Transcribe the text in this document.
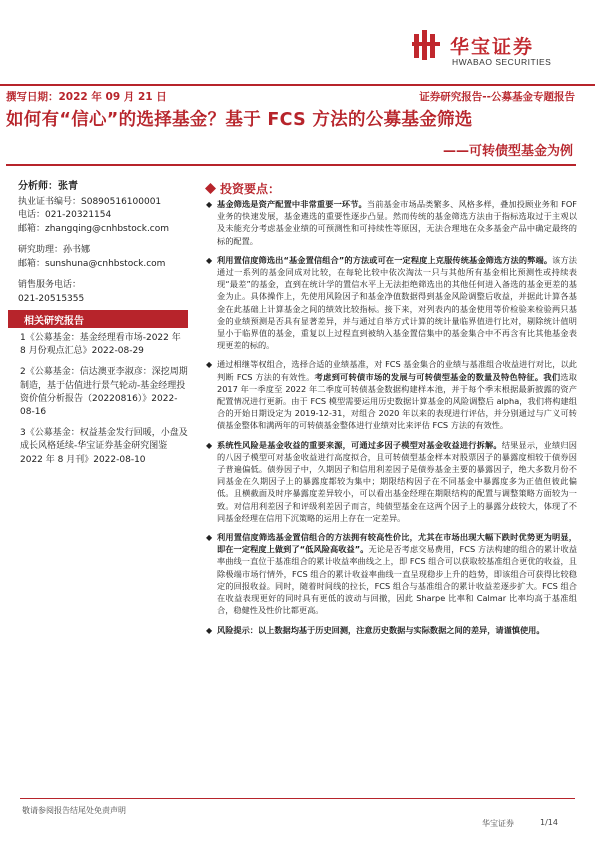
华宝证券
HWABAO SECURITIES
撰写日期：2022 年 09 月 21 日	证券研究报告--公募基金专题报告
如何有“信心”的选择基金？基于 FCS 方法的公募基金筛选
——可转债型基金为例
分析师：张青
执业证书编号：S0890516100001
电话：021-20321154
邮箱：zhangqing@cnhbstock.com
研究助理：孙书娜
邮箱：sunshuna@cnhbstock.com
销售服务电话：
021-20515355
相关研究报告

1《公募基金：基金经理看市场-2022 年 8 月份观点汇总》2022-08-29

2《公募基金：信达澳亚李淑彦：深挖周期制造，基于估值进行景气轮动-基金经理投资价值分析报告（20220816）》2022-08-16

3《公募基金：权益基金发行回暖，小盘及成长风格延续-华宝证券基金研究图鉴 2022 年 8 月刊》2022-08-10

投资要点：
◆ 基金筛选是资产配置中非常重要一环节。当前基金市场品类繁多、风格多样，叠加投顾业务和 FOF 业务的快速发展，基金遴选的重要性逐步凸显。然而传统的基金筛选方法由于指标选取过于主观以及未能充分考虑基金业绩的可预测性和可持续性等原因，无法合理地在众多基金产品中确定最终的标的配置。
◆ 利用置信度筛选出“基金置信组合”的方法或可在一定程度上克服传统基金筛选方法的弊端。该方法通过一系列的基金同成对比较，在每轮比较中依次淘汰一只与其他所有基金相比预测性或持续表现“最差”的基金，直到在统计学的置信水平上无法拒绝筛选出的其他任何进入备选的基金更差的基金为止。具体操作上，先使用风险因子和基金净值数据得到基金风险调整后收益，并据此计算各基金在此基础上计算基金之间的绩效比较指标。接下来，对列表内的基金使用等价检验来检验两只基金的业绩预测是否具有显著差异，并与通过自举方式计算的统计量临界值进行比对，剔除统计值明显小于临界值的基金，重复以上过程直到被纳入基金置信集中的基金集合中不再含有比其他基金表现更差的标的。
◆ 通过相继等权组合，选择合适的业绩基准，对 FCS 基金集合的业绩与基准组合收益进行对比，以此判断 FCS 方法的有效性。考虑到可转债市场的发展与可转债型基金的数量及特色特征。我们选取 2017 年一季度至 2022 年二季度可转债基金数据构建样本池，并于每个季末根据最新披露的资产配置情况进行更新。由于 FCS 模型需要运用历史数据计算基金的风险调整后 alpha，我们将构建组合的开始日期设定为 2019-12-31，对组合 2020 年以来的表现进行评估，并分别通过与广义可转债基金整体和满两年的可转债基金整体进行业绩对比来评估 FCS 方法的有效性。
◆ 系统性风险是基金收益的重要来源，可通过多因子模型对基金收益进行拆解。结果显示，业绩归因的八因子模型可对基金收益进行高度拟合，且可转债型基金样本对股票因子的暴露度相较于债券因子普遍偏低。债券因子中，久期因子和信用利差因子是债券基金主要的暴露因子，绝大多数月份不同基金在久期因子上的暴露度都较为集中；期限结构因子在不同基金中暴露度多为正值但彼此偏低。且横截面及时序暴露度差异较小，可以看出基金经理在期限结构的配置与调整策略方面较为一致。对信用利差因子和评级利差因子而言，纯债型基金在这两个因子上的暴露分歧较大，体现了不同基金经理在信用下沉策略的运用上存在一定差异。
◆ 利用置信度筛选基金置信组合的方法拥有较高性价比，尤其在市场出现大幅下跌时优势更为明显，即在一定程度上做到了“低风险高收益”。无论是否考虑交易费用，FCS 方法构建的组合的累计收益率曲线一直位于基准组合的累计收益率曲线之上，即 FCS 组合可以获取较基准组合更优的收益，且除极端市场行情外，FCS 组合的累计收益率曲线一直呈现稳步上升的趋势，即该组合可获得比较稳定的回报收益。同时，随着时间线的拉长，FCS 组合与基准组合的累计收益差逐步扩大。FCS 组合在收益表现更好的同时具有更低的波动与回撤，因此 Sharpe 比率和 Calmar 比率均高于基准组合，稳健性及性价比都更高。
◆ 风险提示：以上数据均基于历史回测，注意历史数据与实际数据之间的差异，请谨慎使用。
敬请参阅报告结尾处免责声明
华宝证券	1/14
